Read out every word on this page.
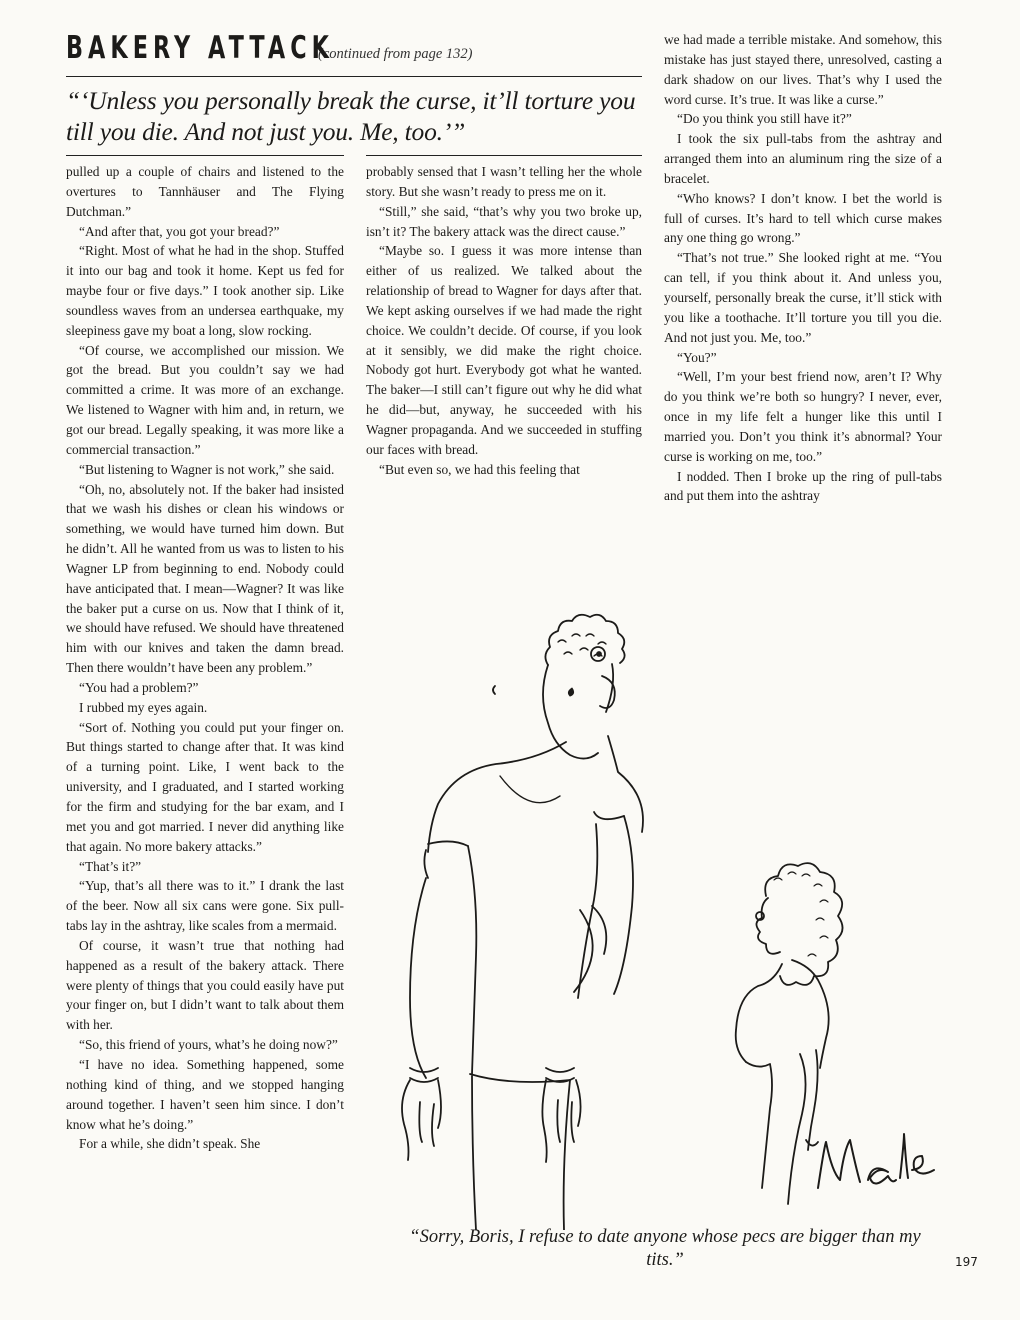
BAKERY ATTACK
(continued from page 132)
“‘Unless you personally break the curse, it’ll torture you till you die. And not just you. Me, too.’”

pulled up a couple of chairs and listened to the overtures to Tannhäuser and The Flying Dutchman.”

“And after that, you got your bread?”

“Right. Most of what he had in the shop. Stuffed it into our bag and took it home. Kept us fed for maybe four or five days.” I took another sip. Like soundless waves from an undersea earthquake, my sleepiness gave my boat a long, slow rocking.

“Of course, we accomplished our mission. We got the bread. But you couldn’t say we had committed a crime. It was more of an exchange. We listened to Wagner with him and, in return, we got our bread. Legally speaking, it was more like a commercial transaction.”

“But listening to Wagner is not work,” she said.

“Oh, no, absolutely not. If the baker had insisted that we wash his dishes or clean his windows or something, we would have turned him down. But he didn’t. All he wanted from us was to listen to his Wagner LP from beginning to end. Nobody could have anticipated that. I mean—Wagner? It was like the baker put a curse on us. Now that I think of it, we should have refused. We should have threatened him with our knives and taken the damn bread. Then there wouldn’t have been any problem.”

“You had a problem?”

I rubbed my eyes again.

“Sort of. Nothing you could put your finger on. But things started to change after that. It was kind of a turning point. Like, I went back to the university, and I graduated, and I started working for the firm and studying for the bar exam, and I met you and got married. I never did anything like that again. No more bakery attacks.”

“That’s it?”

“Yup, that’s all there was to it.” I drank the last of the beer. Now all six cans were gone. Six pull-tabs lay in the ashtray, like scales from a mermaid.

Of course, it wasn’t true that nothing had happened as a result of the bakery attack. There were plenty of things that you could easily have put your finger on, but I didn’t want to talk about them with her.

“So, this friend of yours, what’s he doing now?”

“I have no idea. Something happened, some nothing kind of thing, and we stopped hanging around together. I haven’t seen him since. I don’t know what he’s doing.”

For a while, she didn’t speak. She

probably sensed that I wasn’t telling her the whole story. But she wasn’t ready to press me on it.

“Still,” she said, “that’s why you two broke up, isn’t it? The bakery attack was the direct cause.”

“Maybe so. I guess it was more intense than either of us realized. We talked about the relationship of bread to Wagner for days after that. We kept asking ourselves if we had made the right choice. We couldn’t decide. Of course, if you look at it sensibly, we did make the right choice. Nobody got hurt. Everybody got what he wanted. The baker—I still can’t figure out why he did what he did—but, anyway, he succeeded with his Wagner propaganda. And we succeeded in stuffing our faces with bread.

“But even so, we had this feeling that

we had made a terrible mistake. And somehow, this mistake has just stayed there, unresolved, casting a dark shadow on our lives. That’s why I used the word curse. It’s true. It was like a curse.”

“Do you think you still have it?”

I took the six pull-tabs from the ashtray and arranged them into an aluminum ring the size of a bracelet.

“Who knows? I don’t know. I bet the world is full of curses. It’s hard to tell which curse makes any one thing go wrong.”

“That’s not true.” She looked right at me. “You can tell, if you think about it. And unless you, yourself, personally break the curse, it’ll stick with you like a toothache. It’ll torture you till you die. And not just you. Me, too.”

“You?”

“Well, I’m your best friend now, aren’t I? Why do you think we’re both so hungry? I never, ever, once in my life felt a hunger like this until I married you. Don’t you think it’s abnormal? Your curse is working on me, too.”

I nodded. Then I broke up the ring of pull-tabs and put them into the ashtray

“Sorry, Boris, I refuse to date anyone whose pecs are bigger than my tits.”	197
